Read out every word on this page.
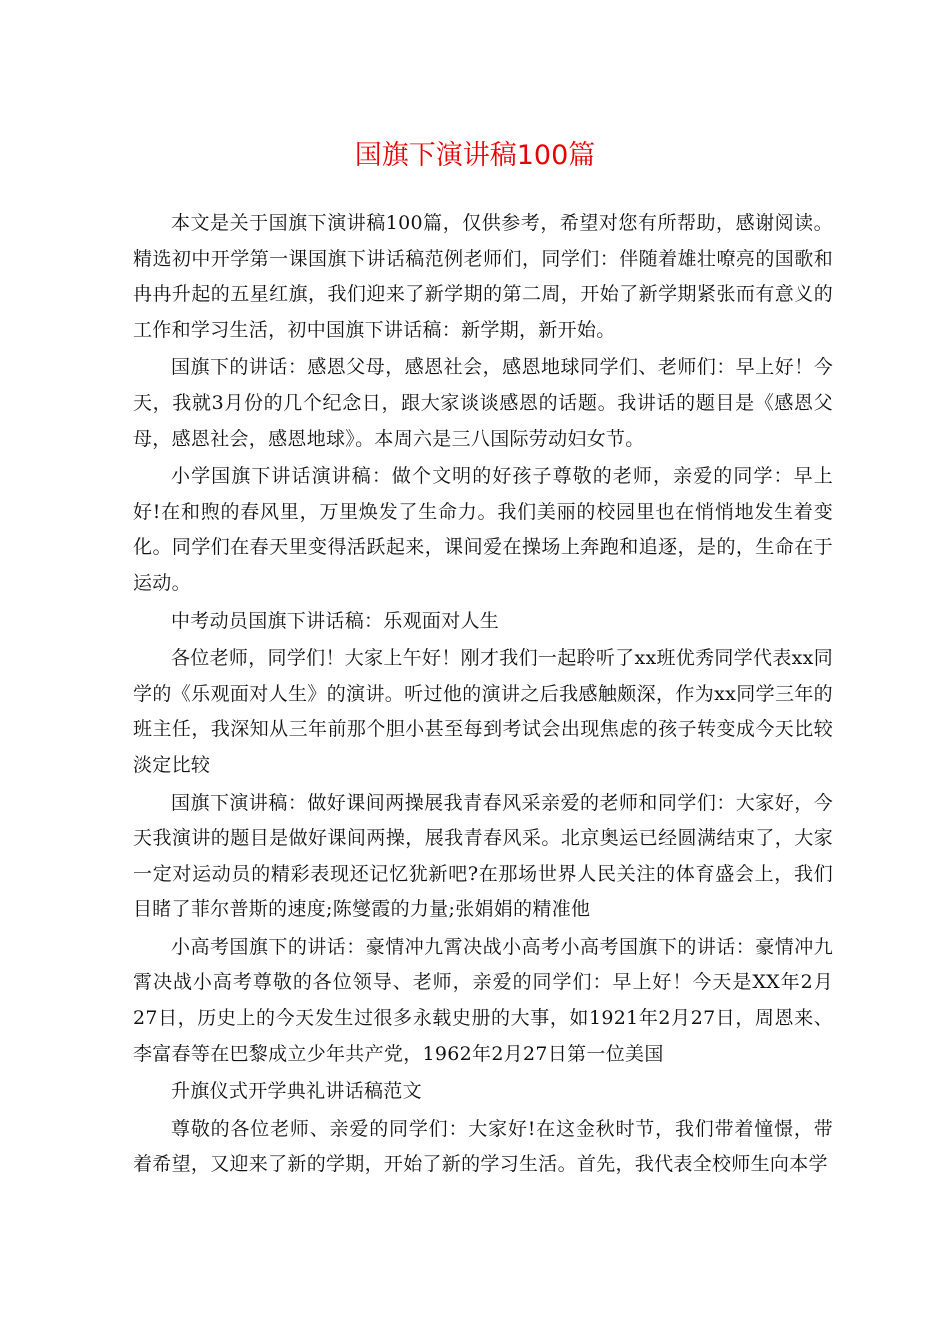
国旗下演讲稿100篇

本文是关于国旗下演讲稿100篇，仅供参考，希望对您有所帮助，感谢阅读。精选初中开学第一课国旗下讲话稿范例老师们，同学们：伴随着雄壮嘹亮的国歌和冉冉升起的五星红旗，我们迎来了新学期的第二周，开始了新学期紧张而有意义的工作和学习生活，初中国旗下讲话稿：新学期，新开始。

国旗下的讲话：感恩父母，感恩社会，感恩地球同学们、老师们：早上好！今天，我就3月份的几个纪念日，跟大家谈谈感恩的话题。我讲话的题目是《感恩父母，感恩社会，感恩地球》。本周六是三八国际劳动妇女节。

小学国旗下讲话演讲稿：做个文明的好孩子尊敬的老师，亲爱的同学：早上好!在和煦的春风里，万里焕发了生命力。我们美丽的校园里也在悄悄地发生着变化。同学们在春天里变得活跃起来，课间爱在操场上奔跑和追逐，是的，生命在于运动。

中考动员国旗下讲话稿：乐观面对人生

各位老师，同学们！大家上午好！刚才我们一起聆听了xx班优秀同学代表xx同学的《乐观面对人生》的演讲。听过他的演讲之后我感触颇深，作为xx同学三年的班主任，我深知从三年前那个胆小甚至每到考试会出现焦虑的孩子转变成今天比较淡定比较

国旗下演讲稿：做好课间两操展我青春风采亲爱的老师和同学们：大家好，今天我演讲的题目是做好课间两操，展我青春风采。北京奥运已经圆满结束了，大家一定对运动员的精彩表现还记忆犹新吧?在那场世界人民关注的体育盛会上，我们目睹了菲尔普斯的速度;陈燮霞的力量;张娟娟的精准他

小高考国旗下的讲话：豪情冲九霄决战小高考小高考国旗下的讲话：豪情冲九霄决战小高考尊敬的各位领导、老师，亲爱的同学们：早上好！今天是XX年2月27日，历史上的今天发生过很多永载史册的大事，如1921年2月27日，周恩来、李富春等在巴黎成立少年共产党，1962年2月27日第一位美国

升旗仪式开学典礼讲话稿范文

尊敬的各位老师、亲爱的同学们：大家好!在这金秋时节，我们带着憧憬，带着希望，又迎来了新的学期，开始了新的学习生活。首先，我代表全校师生向本学
